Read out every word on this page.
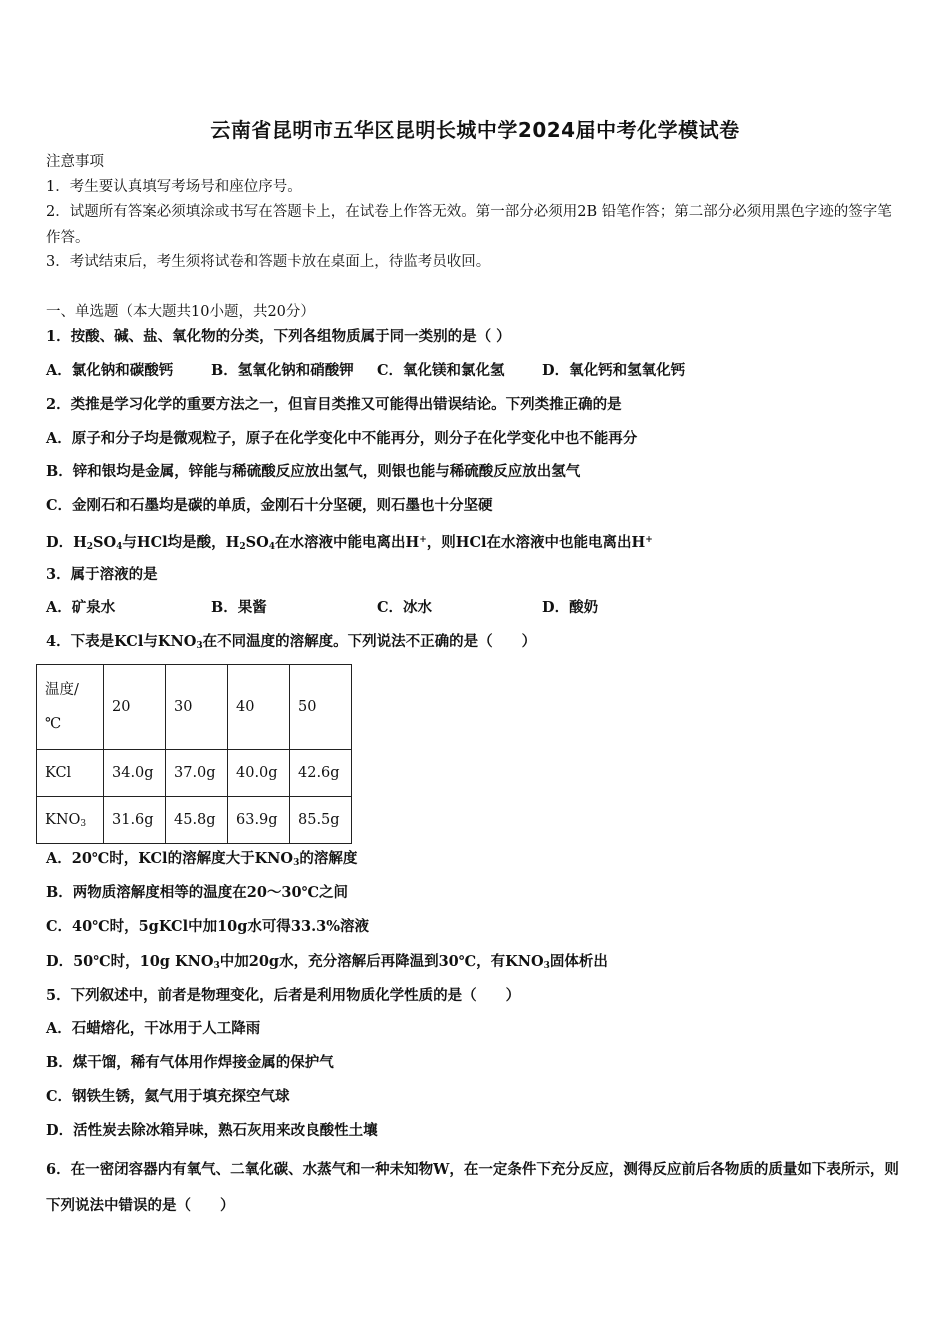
云南省昆明市五华区昆明长城中学2024届中考化学模试卷
注意事项
1．考生要认真填写考场号和座位序号。
2．试题所有答案必须填涂或书写在答题卡上，在试卷上作答无效。第一部分必须用2B 铅笔作答；第二部分必须用黑色字迹的签字笔作答。
3．考试结束后，考生须将试卷和答题卡放在桌面上，待监考员收回。
一、单选题（本大题共10小题，共20分）
1．按酸、碱、盐、氧化物的分类，下列各组物质属于同一类别的是（ ）
A．氯化钠和碳酸钙	B．氢氧化钠和硝酸钾 C．氧化镁和氯化氢	D．氧化钙和氢氧化钙
2．类推是学习化学的重要方法之一，但盲目类推又可能得出错误结论。下列类推正确的是
A．原子和分子均是微观粒子，原子在化学变化中不能再分，则分子在化学变化中也不能再分
B．锌和银均是金属，锌能与稀硫酸反应放出氢气，则银也能与稀硫酸反应放出氢气
C．金刚石和石墨均是碳的单质，金刚石十分坚硬，则石墨也十分坚硬
D．$H_2SO_4$与HCl均是酸，$H_2SO_4$在水溶液中能电离出H+，则HCl在水溶液中也能电离出H+
3．属于溶液的是
A．矿泉水	B．果酱	C．冰水	D．酸奶
4．下表是KCl与$KNO_3$在不同温度的溶解度。下列说法不正确的是（　　）
温度/℃	20	30	40	50
KCl	34.0g	37.0g	40.0g	42.6g
$KNO_3$	31.6g	45.8g	63.9g	85.5g
A．20℃时，KCl的溶解度大于$KNO_3$的溶解度
B．两物质溶解度相等的温度在20～30℃之间
C．40℃时，5gKCl中加10g水可得33.3%溶液
D．50℃时，10g $KNO_3$中加20g水，充分溶解后再降温到30℃，有$KNO_3$固体析出
5．下列叙述中，前者是物理变化，后者是利用物质化学性质的是（　　）
A．石蜡熔化，干冰用于人工降雨
B．煤干馏，稀有气体用作焊接金属的保护气
C．钢铁生锈，氦气用于填充探空气球
D．活性炭去除冰箱异味，熟石灰用来改良酸性土壤
6．在一密闭容器内有氧气、二氧化碳、水蒸气和一种未知物W，在一定条件下充分反应，测得反应前后各物质的质量如下表所示，则下列说法中错误的是（　　）
